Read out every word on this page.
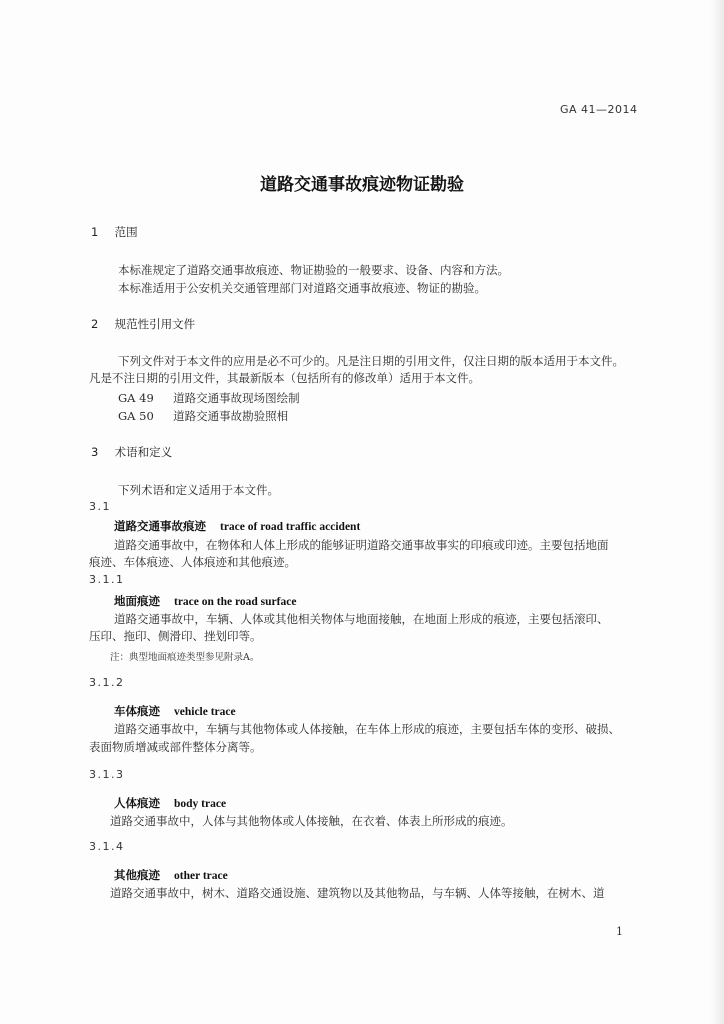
GA 41—2014
道路交通事故痕迹物证勘验
1 范围
本标准规定了道路交通事故痕迹、物证勘验的一般要求、设备、内容和方法。
本标准适用于公安机关交通管理部门对道路交通事故痕迹、物证的勘验。
2 规范性引用文件
下列文件对于本文件的应用是必不可少的。凡是注日期的引用文件，仅注日期的版本适用于本文件。
凡是不注日期的引用文件，其最新版本（包括所有的修改单）适用于本文件。
GA 49 道路交通事故现场图绘制
GA 50 道路交通事故勘验照相
3 术语和定义
下列术语和定义适用于本文件。
3.1
道路交通事故痕迹 trace of road traffic accident
道路交通事故中，在物体和人体上形成的能够证明道路交通事故事实的印痕或印迹。主要包括地面
痕迹、车体痕迹、人体痕迹和其他痕迹。
3.1.1
地面痕迹 trace on the road surface
道路交通事故中，车辆、人体或其他相关物体与地面接触，在地面上形成的痕迹，主要包括滚印、
压印、拖印、侧滑印、挫划印等。
注：典型地面痕迹类型参见附录A。
3.1.2
车体痕迹 vehicle trace
道路交通事故中，车辆与其他物体或人体接触，在车体上形成的痕迹，主要包括车体的变形、破损、
表面物质增减或部件整体分离等。
3.1.3
人体痕迹 body trace
道路交通事故中，人体与其他物体或人体接触，在衣着、体表上所形成的痕迹。
3.1.4
其他痕迹 other trace
道路交通事故中，树木、道路交通设施、建筑物以及其他物品，与车辆、人体等接触，在树木、道
1
